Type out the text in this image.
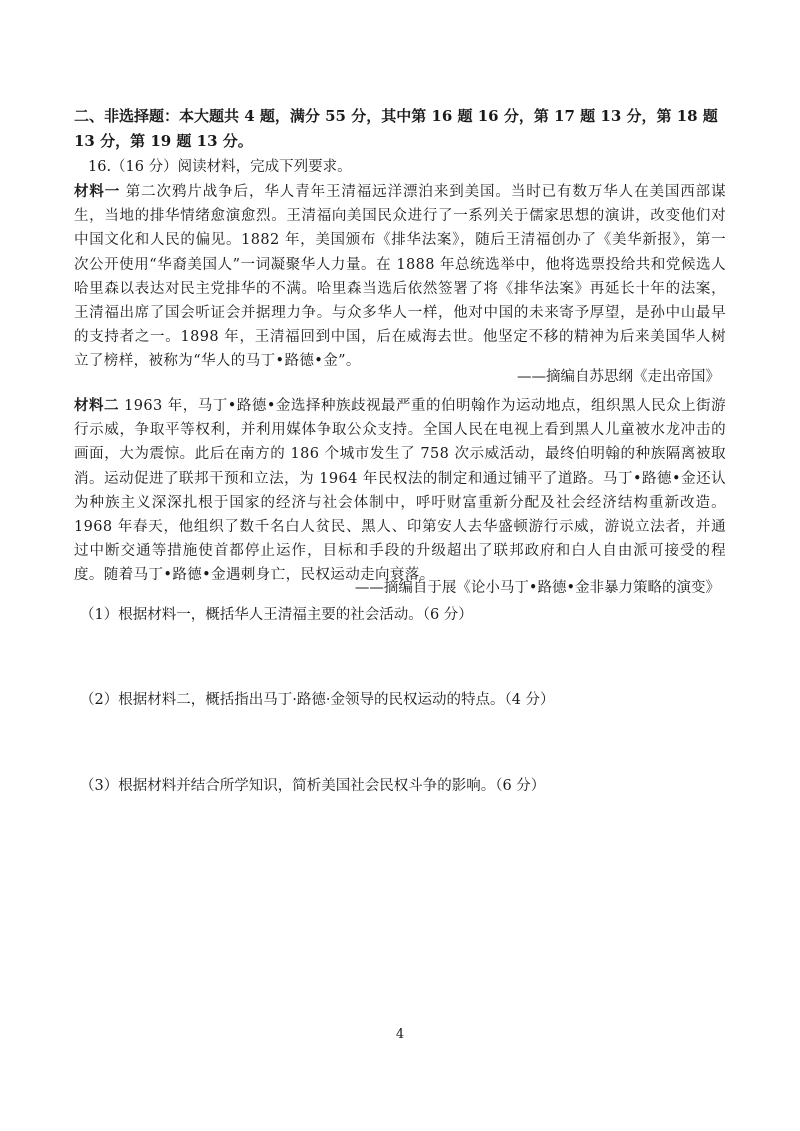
二、非选择题：本大题共 4 题，满分 55 分，其中第 16 题 16 分，第 17 题 13 分，第 18 题 13 分，第 19 题 13 分。
16.（16 分）阅读材料，完成下列要求。
材料一 第二次鸦片战争后，华人青年王清福远洋漂泊来到美国。当时已有数万华人在美国西部谋生，当地的排华情绪愈演愈烈。王清福向美国民众进行了一系列关于儒家思想的演讲，改变他们对中国文化和人民的偏见。1882 年，美国颁布《排华法案》，随后王清福创办了《美华新报》，第一次公开使用“华裔美国人”一词凝聚华人力量。在 1888 年总统选举中，他将选票投给共和党候选人哈里森以表达对民主党排华的不满。哈里森当选后依然签署了将《排华法案》再延长十年的法案，王清福出席了国会听证会并据理力争。与众多华人一样，他对中国的未来寄予厚望，是孙中山最早的支持者之一。1898 年，王清福回到中国，后在威海去世。他坚定不移的精神为后来美国华人树立了榜样，被称为“华人的马丁•路德•金”。
——摘编自苏思纲《走出帝国》
材料二 1963 年，马丁•路德•金选择种族歧视最严重的伯明翰作为运动地点，组织黑人民众上街游行示威，争取平等权利，并利用媒体争取公众支持。全国人民在电视上看到黑人儿童被水龙冲击的画面，大为震惊。此后在南方的 186 个城市发生了 758 次示威活动，最终伯明翰的种族隔离被取消。运动促进了联邦干预和立法，为 1964 年民权法的制定和通过铺平了道路。马丁•路德•金还认为种族主义深深扎根于国家的经济与社会体制中，呼吁财富重新分配及社会经济结构重新改造。1968 年春天，他组织了数千名白人贫民、黑人、印第安人去华盛顿游行示威，游说立法者，并通过中断交通等措施使首都停止运作，目标和手段的升级超出了联邦政府和白人自由派可接受的程度。随着马丁•路德•金遇刺身亡，民权运动走向衰落。
——摘编自于展《论小马丁•路德•金非暴力策略的演变》
（1）根据材料一，概括华人王清福主要的社会活动。（6 分）
（2）根据材料二，概括指出马丁·路德·金领导的民权运动的特点。（4 分）
（3）根据材料并结合所学知识，简析美国社会民权斗争的影响。（6 分）
4
